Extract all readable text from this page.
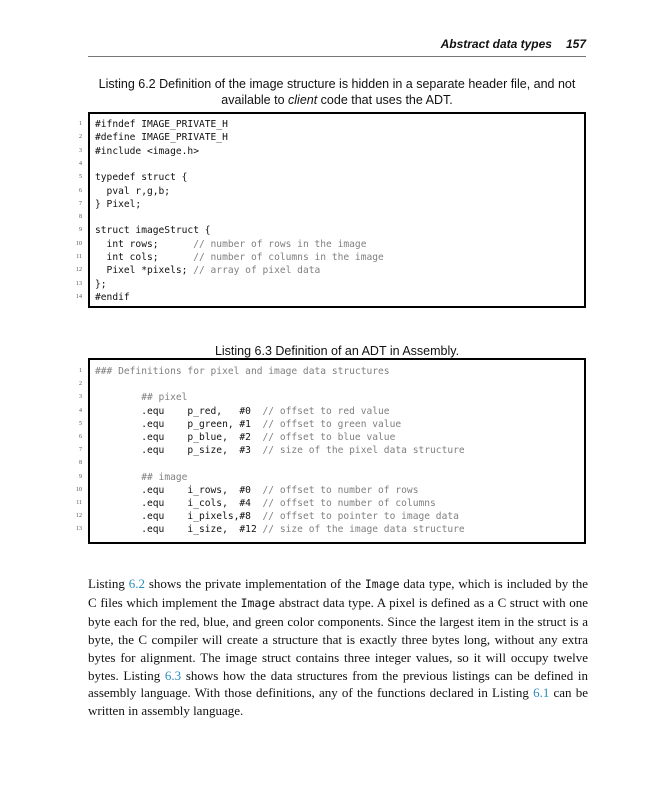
Abstract data types 157
Listing 6.2 Definition of the image structure is hidden in a separate header file, and not available to client code that uses the ADT.
1 #ifndef IMAGE_PRIVATE_H
2 #define IMAGE_PRIVATE_H
3 #include <image.h>
4
5 typedef struct {
6 pval r,g,b;
7 } Pixel;
8
9 struct imageStruct {
10 int rows;      // number of rows in the image
11 int cols;      // number of columns in the image
12 Pixel *pixels; // array of pixel data
13 };
14 #endif
Listing 6.3 Definition of an ADT in Assembly.
1 ### Definitions for pixel and image data structures
2
3	## pixel
4 .equ    p_red,   #0  // offset to red value
5 .equ    p_green, #1  // offset to green value
6 .equ    p_blue,  #2  // offset to blue value
7 .equ    p_size,  #3  // size of the pixel data structure
8
9	## image
10 .equ    i_rows,  #0  // offset to number of rows
11 .equ    i_cols,  #4  // offset to number of columns
12 .equ    i_pixels,#8  // offset to pointer to image data
13 .equ    i_size,  #12 // size of the image data structure
Listing 6.2 shows the private implementation of the Image data type, which is included by the C files which implement the Image abstract data type. A pixel is defined as a C struct with one byte each for the red, blue, and green color components. Since the largest item in the struct is a byte, the C compiler will create a structure that is exactly three bytes long, without any extra bytes for alignment. The image struct contains three integer values, so it will occupy twelve bytes. Listing 6.3 shows how the data structures from the previous listings can be defined in assembly language. With those definitions, any of the functions declared in Listing 6.1 can be written in assembly language.
